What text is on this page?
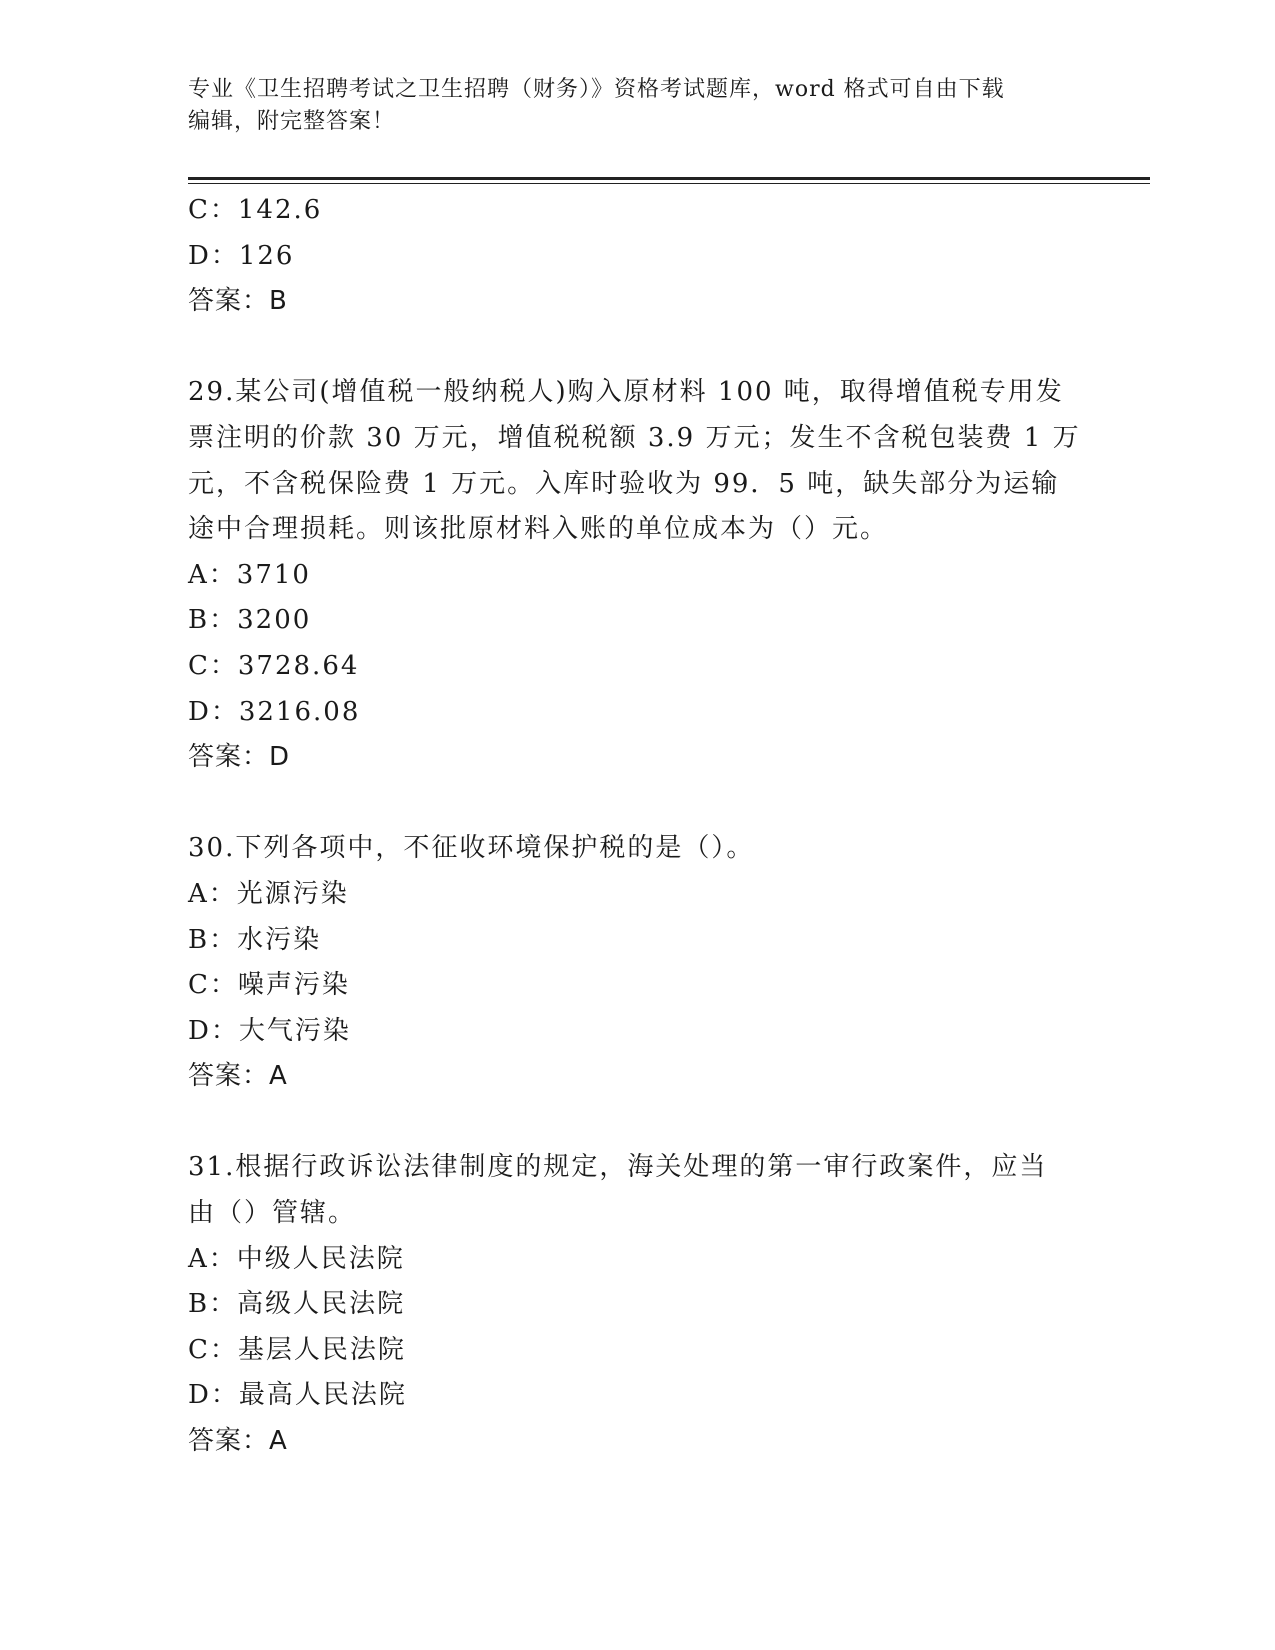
专业《卫生招聘考试之卫生招聘（财务）》资格考试题库，word 格式可自由下载
编辑，附完整答案！
C：142.6
D：126
答案：B
29.某公司(增值税一般纳税人)购入原材料 100 吨，取得增值税专用发
票注明的价款 30 万元，增值税税额 3.9 万元；发生不含税包装费 1 万
元，不含税保险费 1 万元。入库时验收为 99．5 吨，缺失部分为运输
途中合理损耗。则该批原材料入账的单位成本为（）元。
A：3710
B：3200
C：3728.64
D：3216.08
答案：D
30.下列各项中，不征收环境保护税的是（）。
A：光源污染
B：水污染
C：噪声污染
D：大气污染
答案：A
31.根据行政诉讼法律制度的规定，海关处理的第一审行政案件，应当
由（）管辖。
A：中级人民法院
B：高级人民法院
C：基层人民法院
D：最高人民法院
答案：A
